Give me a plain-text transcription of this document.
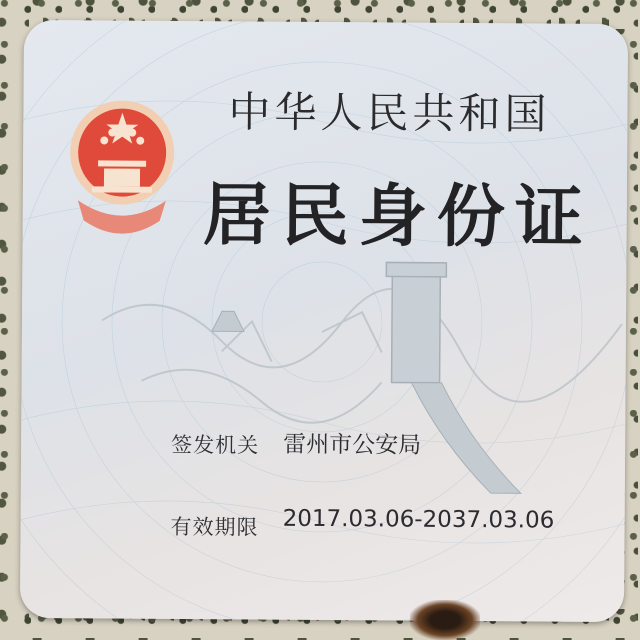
中华人民共和国
居民身份证
签发机关 雷州市公安局
有效期限 2017.03.06-2037.03.06
